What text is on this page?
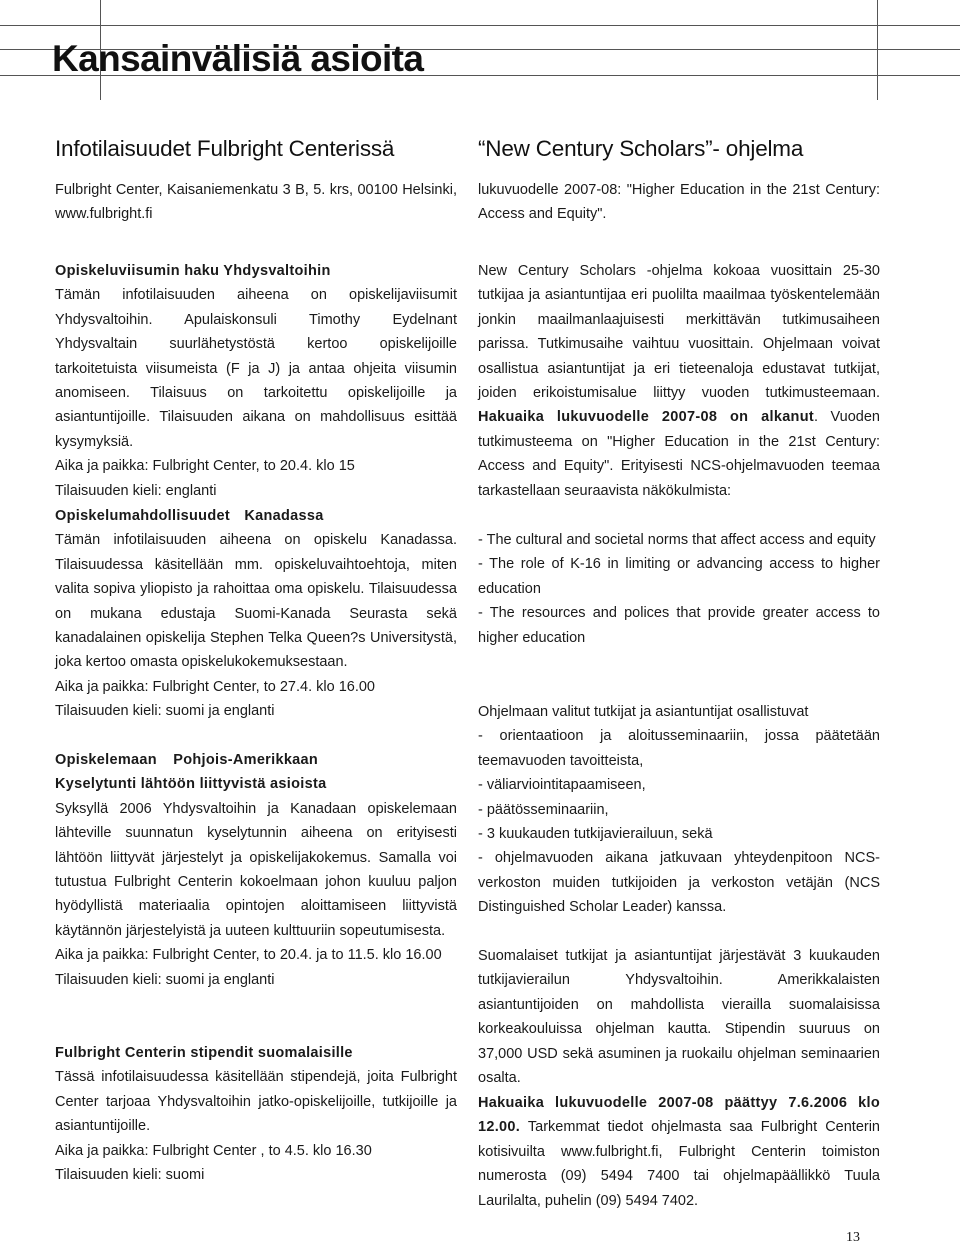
Kansainvälisiä asioita
Infotilaisuudet Fulbright Centerissä

Fulbright Center, Kaisaniemenkatu 3 B, 5. krs, 00100 Helsinki, www.fulbright.fi

Opiskeluviisumin haku Yhdysvaltoihin

Tämän infotilaisuuden aiheena on opiskelijaviisumit Yhdysvaltoihin. Apulaiskonsuli Timothy Eydelnant Yhdysvaltain suurlähetystöstä kertoo opiskelijoille tarkoitetuista viisumeista (F ja J) ja antaa ohjeita viisumin anomiseen. Tilaisuus on tarkoitettu opiskelijoille ja asiantuntijoille. Tilaisuuden aikana on mahdollisuus esittää kysymyksiä.

Aika ja paikka: Fulbright Center, to 20.4. klo 15

Tilaisuuden kieli: englanti

Opiskelumahdollisuudet Kanadassa

Tämän infotilaisuuden aiheena on opiskelu Kanadassa. Tilaisuudessa käsitellään mm. opiskeluvaihtoehtoja, miten valita sopiva yliopisto ja rahoittaa oma opiskelu. Tilaisuudessa on mukana edustaja Suomi-Kanada Seurasta sekä kanadalainen opiskelija Stephen Telka Queen?s Universitystä, joka kertoo omasta opiskelukokemuksestaan.

Aika ja paikka: Fulbright Center, to 27.4. klo 16.00

Tilaisuuden kieli: suomi ja englanti

Opiskelemaan Pohjois-Amerikkaan

Kyselytunti lähtöön liittyvistä asioista

Syksyllä 2006 Yhdysvaltoihin ja Kanadaan opiskelemaan lähteville suunnatun kyselytunnin aiheena on erityisesti lähtöön liittyvät järjestelyt ja opiskelijakokemus. Samalla voi tutustua Fulbright Centerin kokoelmaan johon kuuluu paljon hyödyllistä materiaalia opintojen aloittamiseen liittyvistä käytännön järjestelyistä ja uuteen kulttuuriin sopeutumisesta.

Aika ja paikka: Fulbright Center, to 20.4. ja to 11.5. klo 16.00

Tilaisuuden kieli: suomi ja englanti

Fulbright Centerin stipendit suomalaisille

Tässä infotilaisuudessa käsitellään stipendejä, joita Fulbright Center tarjoaa Yhdysvaltoihin jatko-opiskelijoille, tutkijoille ja asiantuntijoille.

Aika ja paikka: Fulbright Center , to 4.5. klo 16.30

Tilaisuuden kieli: suomi

“New Century Scholars”- ohjelma

lukuvuodelle 2007-08: "Higher Education in the 21st Century: Access and Equity".

New Century Scholars -ohjelma kokoaa vuosittain 25-30 tutkijaa ja asiantuntijaa eri puolilta maailmaa työskentelemään jonkin maailmanlaajuisesti merkittävän tutkimusaiheen parissa. Tutkimusaihe vaihtuu vuosittain. Ohjelmaan voivat osallistua asiantuntijat ja eri tieteenaloja edustavat tutkijat, joiden erikoistumisalue liittyy vuoden tutkimusteemaan. Hakuaika lukuvuodelle 2007-08 on alkanut. Vuoden tutkimusteema on "Higher Education in the 21st Century: Access and Equity". Erityisesti NCS-ohjelmavuoden teemaa tarkastellaan seuraavista näkökulmista:

- The cultural and societal norms that affect access and equity

- The role of K-16 in limiting or advancing access to higher education

- The resources and polices that provide greater access to higher education

Ohjelmaan valitut tutkijat ja asiantuntijat osallistuvat

- orientaatioon ja aloitusseminaariin, jossa päätetään teemavuoden tavoitteista,

- väliarviointitapaamiseen,

- päätösseminaariin,

- 3 kuukauden tutkijavierailuun, sekä

- ohjelmavuoden aikana jatkuvaan yhteydenpitoon NCS-verkoston muiden tutkijoiden ja verkoston vetäjän (NCS Distinguished Scholar Leader) kanssa.

Suomalaiset tutkijat ja asiantuntijat järjestävät 3 kuukauden tutkijavierailun Yhdysvaltoihin. Amerikkalaisten asiantuntijoiden on mahdollista vierailla suomalaisissa korkeakouluissa ohjelman kautta. Stipendin suuruus on 37,000 USD sekä asuminen ja ruokailu ohjelman seminaarien osalta.

Hakuaika lukuvuodelle 2007-08 päättyy 7.6.2006 klo 12.00. Tarkemmat tiedot ohjelmasta saa Fulbright Centerin kotisivuilta www.fulbright.fi, Fulbright Centerin toimiston numerosta (09) 5494 7400 tai ohjelmapäällikkö Tuula Laurilalta, puhelin (09) 5494 7402.

13
